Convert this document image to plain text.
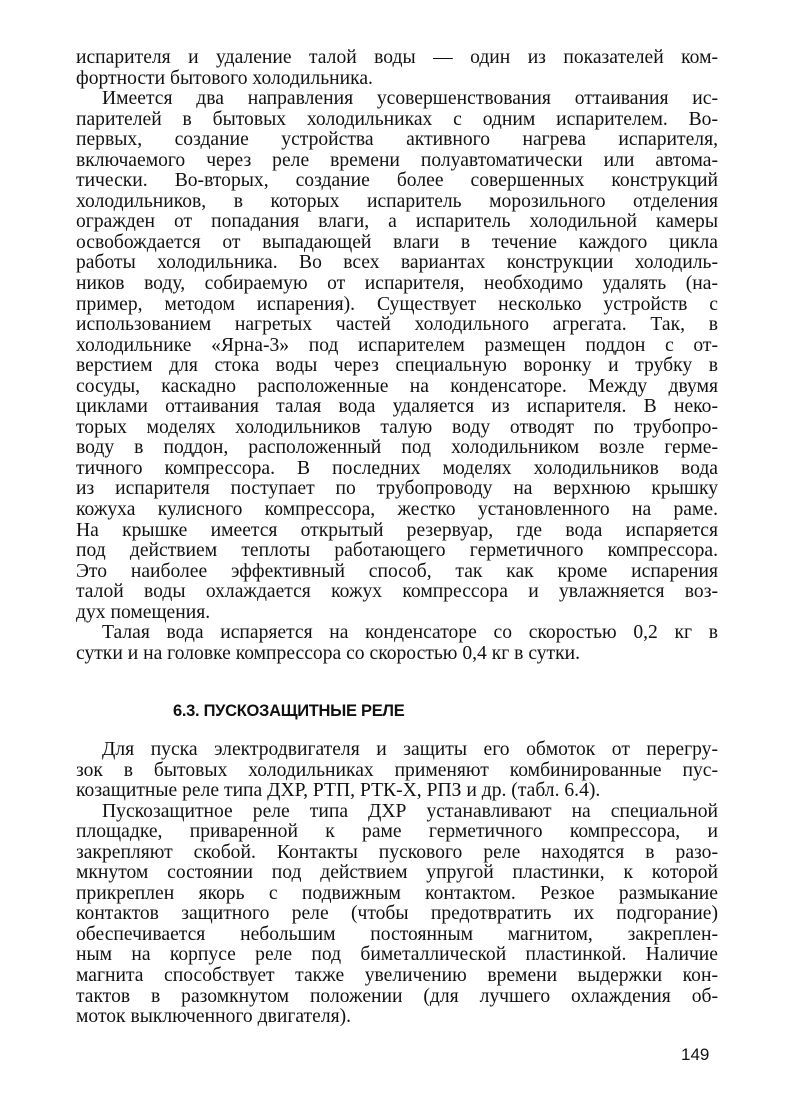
испарителя и удаление талой воды — один из показателей ком-
фортности бытового холодильника.
Имеется два направления усовершенствования оттаивания ис-
парителей в бытовых холодильниках с одним испарителем. Во-
первых, создание устройства активного нагрева испарителя,
включаемого через реле времени полуавтоматически или автома-
тически. Во-вторых, создание более совершенных конструкций
холодильников, в которых испаритель морозильного отделения
огражден от попадания влаги, а испаритель холодильной камеры
освобождается от выпадающей влаги в течение каждого цикла
работы холодильника. Во всех вариантах конструкции холодиль-
ников воду, собираемую от испарителя, необходимо удалять (на-
пример, методом испарения). Существует несколько устройств с
использованием нагретых частей холодильного агрегата. Так, в
холодильнике «Ярна-3» под испарителем размещен поддон с от-
верстием для стока воды через специальную воронку и трубку в
сосуды, каскадно расположенные на конденсаторе. Между двумя
циклами оттаивания талая вода удаляется из испарителя. В неко-
торых моделях холодильников талую воду отводят по трубопро-
воду в поддон, расположенный под холодильником возле герме-
тичного компрессора. В последних моделях холодильников вода
из испарителя поступает по трубопроводу на верхнюю крышку
кожуха кулисного компрессора, жестко установленного на раме.
На крышке имеется открытый резервуар, где вода испаряется
под действием теплоты работающего герметичного компрессора.
Это наиболее эффективный способ, так как кроме испарения
талой воды охлаждается кожух компрессора и увлажняется воз-
дух помещения.
Талая вода испаряется на конденсаторе со скоростью 0,2 кг в
сутки и на головке компрессора со скоростью 0,4 кг в сутки.
6.3. ПУСКОЗАЩИТНЫЕ РЕЛЕ
Для пуска электродвигателя и защиты его обмоток от перегру-
зок в бытовых холодильниках применяют комбинированные пус-
козащитные реле типа ДХР, РТП, РТК-Х, РПЗ и др. (табл. 6.4).
Пускозащитное реле типа ДХР устанавливают на специальной
площадке, приваренной к раме герметичного компрессора, и
закрепляют скобой. Контакты пускового реле находятся в разо-
мкнутом состоянии под действием упругой пластинки, к которой
прикреплен якорь с подвижным контактом. Резкое размыкание
контактов защитного реле (чтобы предотвратить их подгорание)
обеспечивается небольшим постоянным магнитом, закреплен-
ным на корпусе реле под биметаллической пластинкой. Наличие
магнита способствует также увеличению времени выдержки кон-
тактов в разомкнутом положении (для лучшего охлаждения об-
моток выключенного двигателя).
149
